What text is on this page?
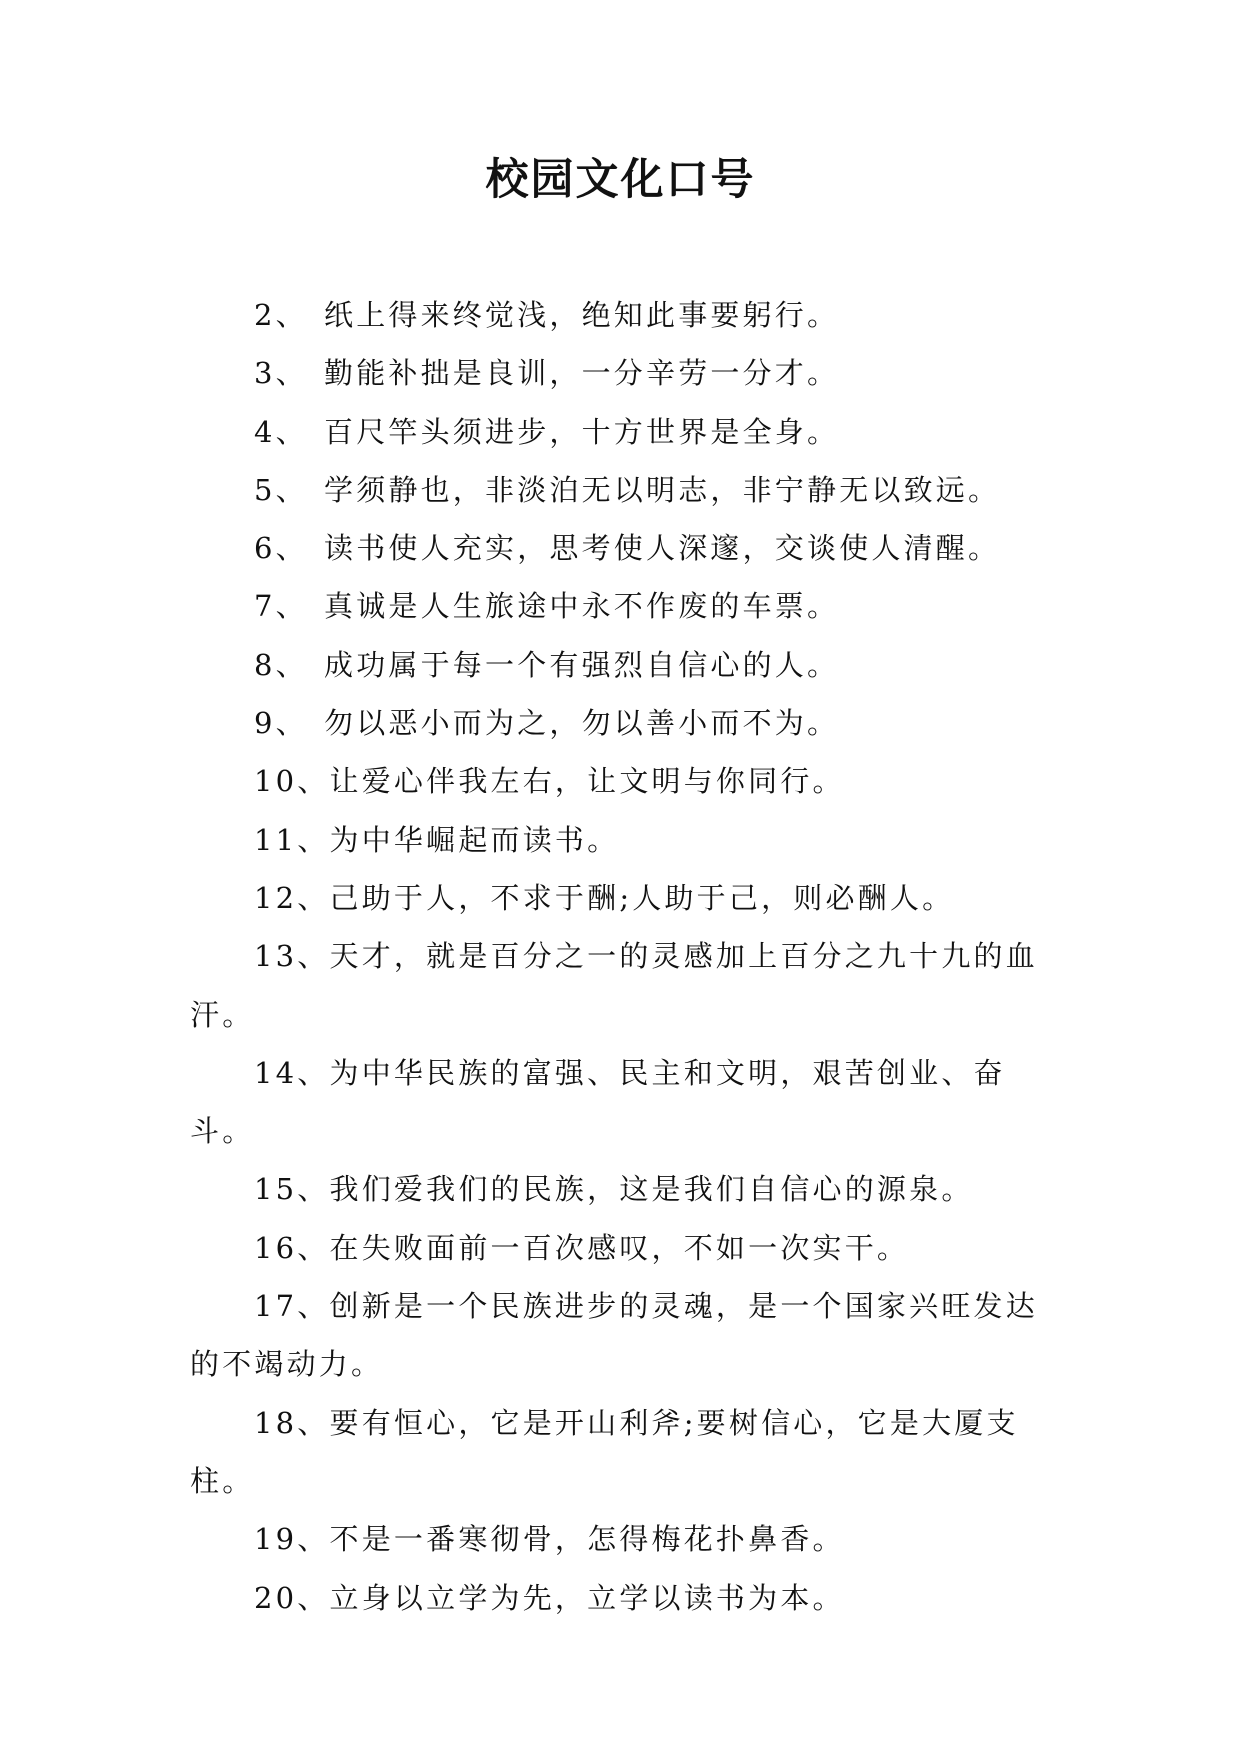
校园文化口号
2、 纸上得来终觉浅，绝知此事要躬行。
3、 勤能补拙是良训，一分辛劳一分才。
4、 百尺竿头须进步，十方世界是全身。
5、 学须静也，非淡泊无以明志，非宁静无以致远。
6、 读书使人充实，思考使人深邃，交谈使人清醒。
7、 真诚是人生旅途中永不作废的车票。
8、 成功属于每一个有强烈自信心的人。
9、 勿以恶小而为之，勿以善小而不为。
10、让爱心伴我左右，让文明与你同行。
11、为中华崛起而读书。
12、己助于人，不求于酬;人助于己，则必酬人。
13、天才，就是百分之一的灵感加上百分之九十九的血汗。
14、为中华民族的富强、民主和文明，艰苦创业、奋斗。
15、我们爱我们的民族，这是我们自信心的源泉。
16、在失败面前一百次感叹，不如一次实干。
17、创新是一个民族进步的灵魂，是一个国家兴旺发达的不竭动力。
18、要有恒心，它是开山利斧;要树信心，它是大厦支柱。
19、不是一番寒彻骨，怎得梅花扑鼻香。
20、立身以立学为先，立学以读书为本。
